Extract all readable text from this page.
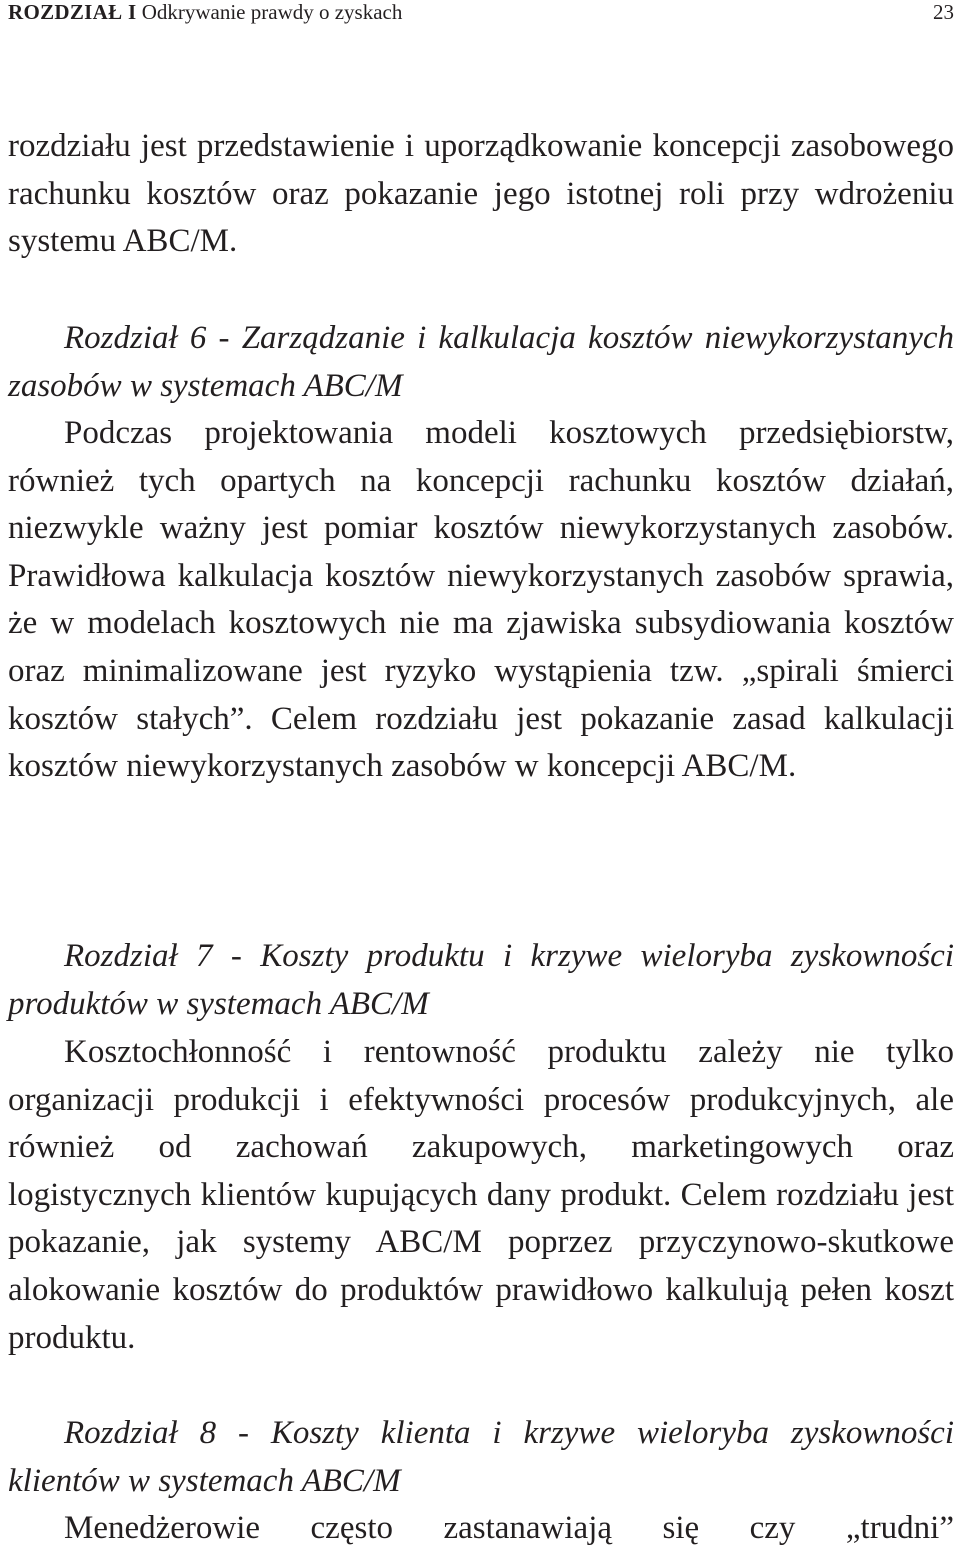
ROZDZIAŁ I Odkrywanie prawdy o zyskach	23

rozdziału jest przedstawienie i uporządkowanie koncepcji zasobowego rachunku kosztów oraz pokazanie jego istotnej roli przy wdrożeniu systemu ABC/M.

Rozdział 6 - Zarządzanie i kalkulacja kosztów niewykorzystanych zasobów w systemach ABC/M

Podczas projektowania modeli kosztowych przedsiębiorstw, również tych opartych na koncepcji rachunku kosztów działań, niezwykle ważny jest pomiar kosztów niewykorzystanych zasobów. Prawidłowa kalkulacja kosztów niewykorzystanych zasobów sprawia, że w modelach kosztowych nie ma zjawiska subsydiowania kosztów oraz minimalizowane jest ryzyko wystąpienia tzw. „spirali śmierci kosztów stałych”. Celem rozdziału jest pokazanie zasad kalkulacji kosztów niewykorzystanych zasobów w koncepcji ABC/M.

Rozdział 7 - Koszty produktu i krzywe wieloryba zyskowności produktów w systemach ABC/M

Kosztochłonność i rentowność produktu zależy nie tylko organizacji produkcji i efektywności procesów produkcyjnych, ale również od zachowań zakupowych, marketingowych oraz logistycznych klientów kupujących dany produkt. Celem rozdziału jest pokazanie, jak systemy ABC/M poprzez przyczynowo-skutkowe alokowanie kosztów do produktów prawidłowo kalkulują pełen koszt produktu.

Rozdział 8 - Koszty klienta i krzywe wieloryba zyskowności klientów w systemach ABC/M

Menedżerowie często zastanawiają się czy „trudni”
